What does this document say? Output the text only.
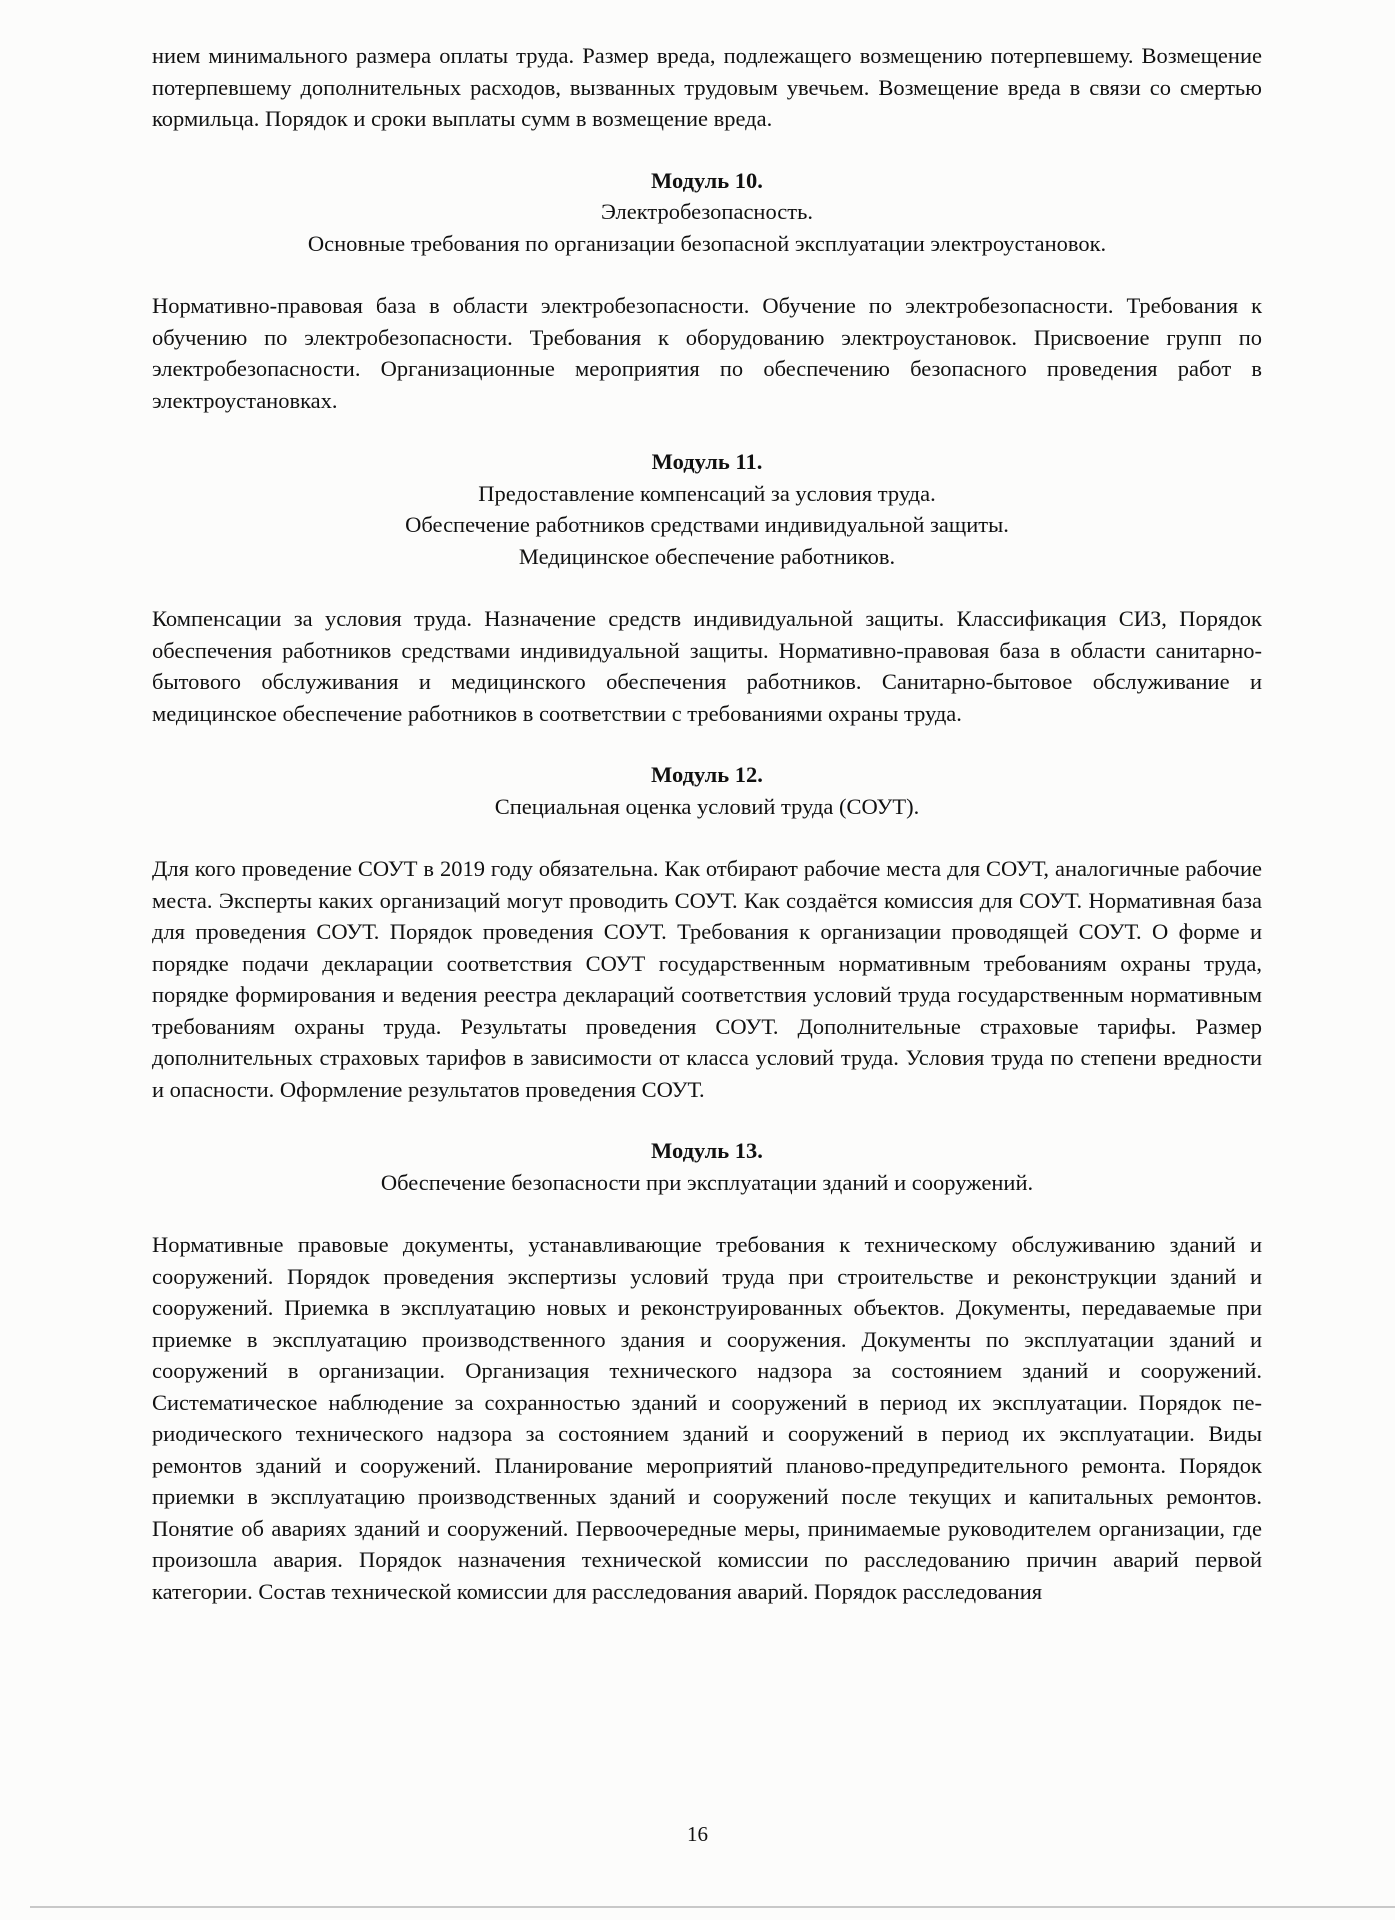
нием минимального размера оплаты труда. Размер вреда, подлежащего возмещению потерпевшему. Возмещение потерпевшему дополнительных расходов, вызванных трудовым увечьем. Возмещение вреда в связи со смертью кормильца. Порядок и сроки выплаты сумм в возмещение вреда.

Модуль 10.
Электробезопасность.
Основные требования по организации безопасной эксплуатации электроустановок.

Нормативно-правовая база в области электробезопасности. Обучение по электробезопасности. Требования к обучению по электробезопасности. Требования к оборудованию электроустановок. Присвоение групп по электробезопасности. Организационные мероприятия по обеспечению безопасного проведения работ в электроустановках.

Модуль 11.
Предоставление компенсаций за условия труда.
Обеспечение работников средствами индивидуальной защиты.
Медицинское обеспечение работников.

Компенсации за условия труда. Назначение средств индивидуальной защиты. Классификация СИЗ, Порядок обеспечения работников средствами индивидуальной защиты. Нормативно-правовая база в области санитарно-бытового обслуживания и медицинского обеспечения работников. Санитарно-бытовое обслуживание и медицинское обеспечение работников в соответствии с требованиями охраны труда.

Модуль 12.
Специальная оценка условий труда (СОУТ).

Для кого проведение СОУТ в 2019 году обязательна. Как отбирают рабочие места для СОУТ, аналогичные рабочие места. Эксперты каких организаций могут проводить СОУТ. Как создаётся комиссия для СОУТ. Нормативная база для проведения СОУТ. Порядок проведения СОУТ. Требования к организации проводящей СОУТ. О форме и порядке подачи декларации соответствия СОУТ государственным нормативным требованиям охраны труда, порядке формирования и ведения реестра деклараций соответствия условий труда государственным нормативным требованиям охраны труда. Результаты проведения СОУТ. Дополнительные страховые тарифы. Размер дополнительных страховых тарифов в зависимости от класса условий труда. Условия труда по степени вредности и опасности. Оформление результатов проведения СОУТ.

Модуль 13.
Обеспечение безопасности при эксплуатации зданий и сооружений.

Нормативные правовые документы, устанавливающие требования к техническому обслуживанию зданий и сооружений. Порядок проведения экспертизы условий труда при строительстве и реконструкции зданий и сооружений. Приемка в эксплуатацию новых и реконструированных объектов. Документы, передаваемые при приемке в эксплуатацию производственного здания и сооружения. Документы по эксплуатации зданий и сооружений в организации. Организация технического надзора за состоянием зданий и сооружений. Систематическое наблюдение за сохранностью зданий и сооружений в период их эксплуатации. Порядок периодического технического надзора за состоянием зданий и сооружений в период их эксплуатации. Виды ремонтов зданий и сооружений. Планирование мероприятий планово-предупредительного ремонта. Порядок приемки в эксплуатацию производственных зданий и сооружений после текущих и капитальных ремонтов. Понятие об авариях зданий и сооружений. Первоочередные меры, принимаемые руководителем организации, где произошла авария. Порядок назначения технической комиссии по расследованию причин аварий первой категории. Состав технической комиссии для расследования аварий. Порядок расследования

16
